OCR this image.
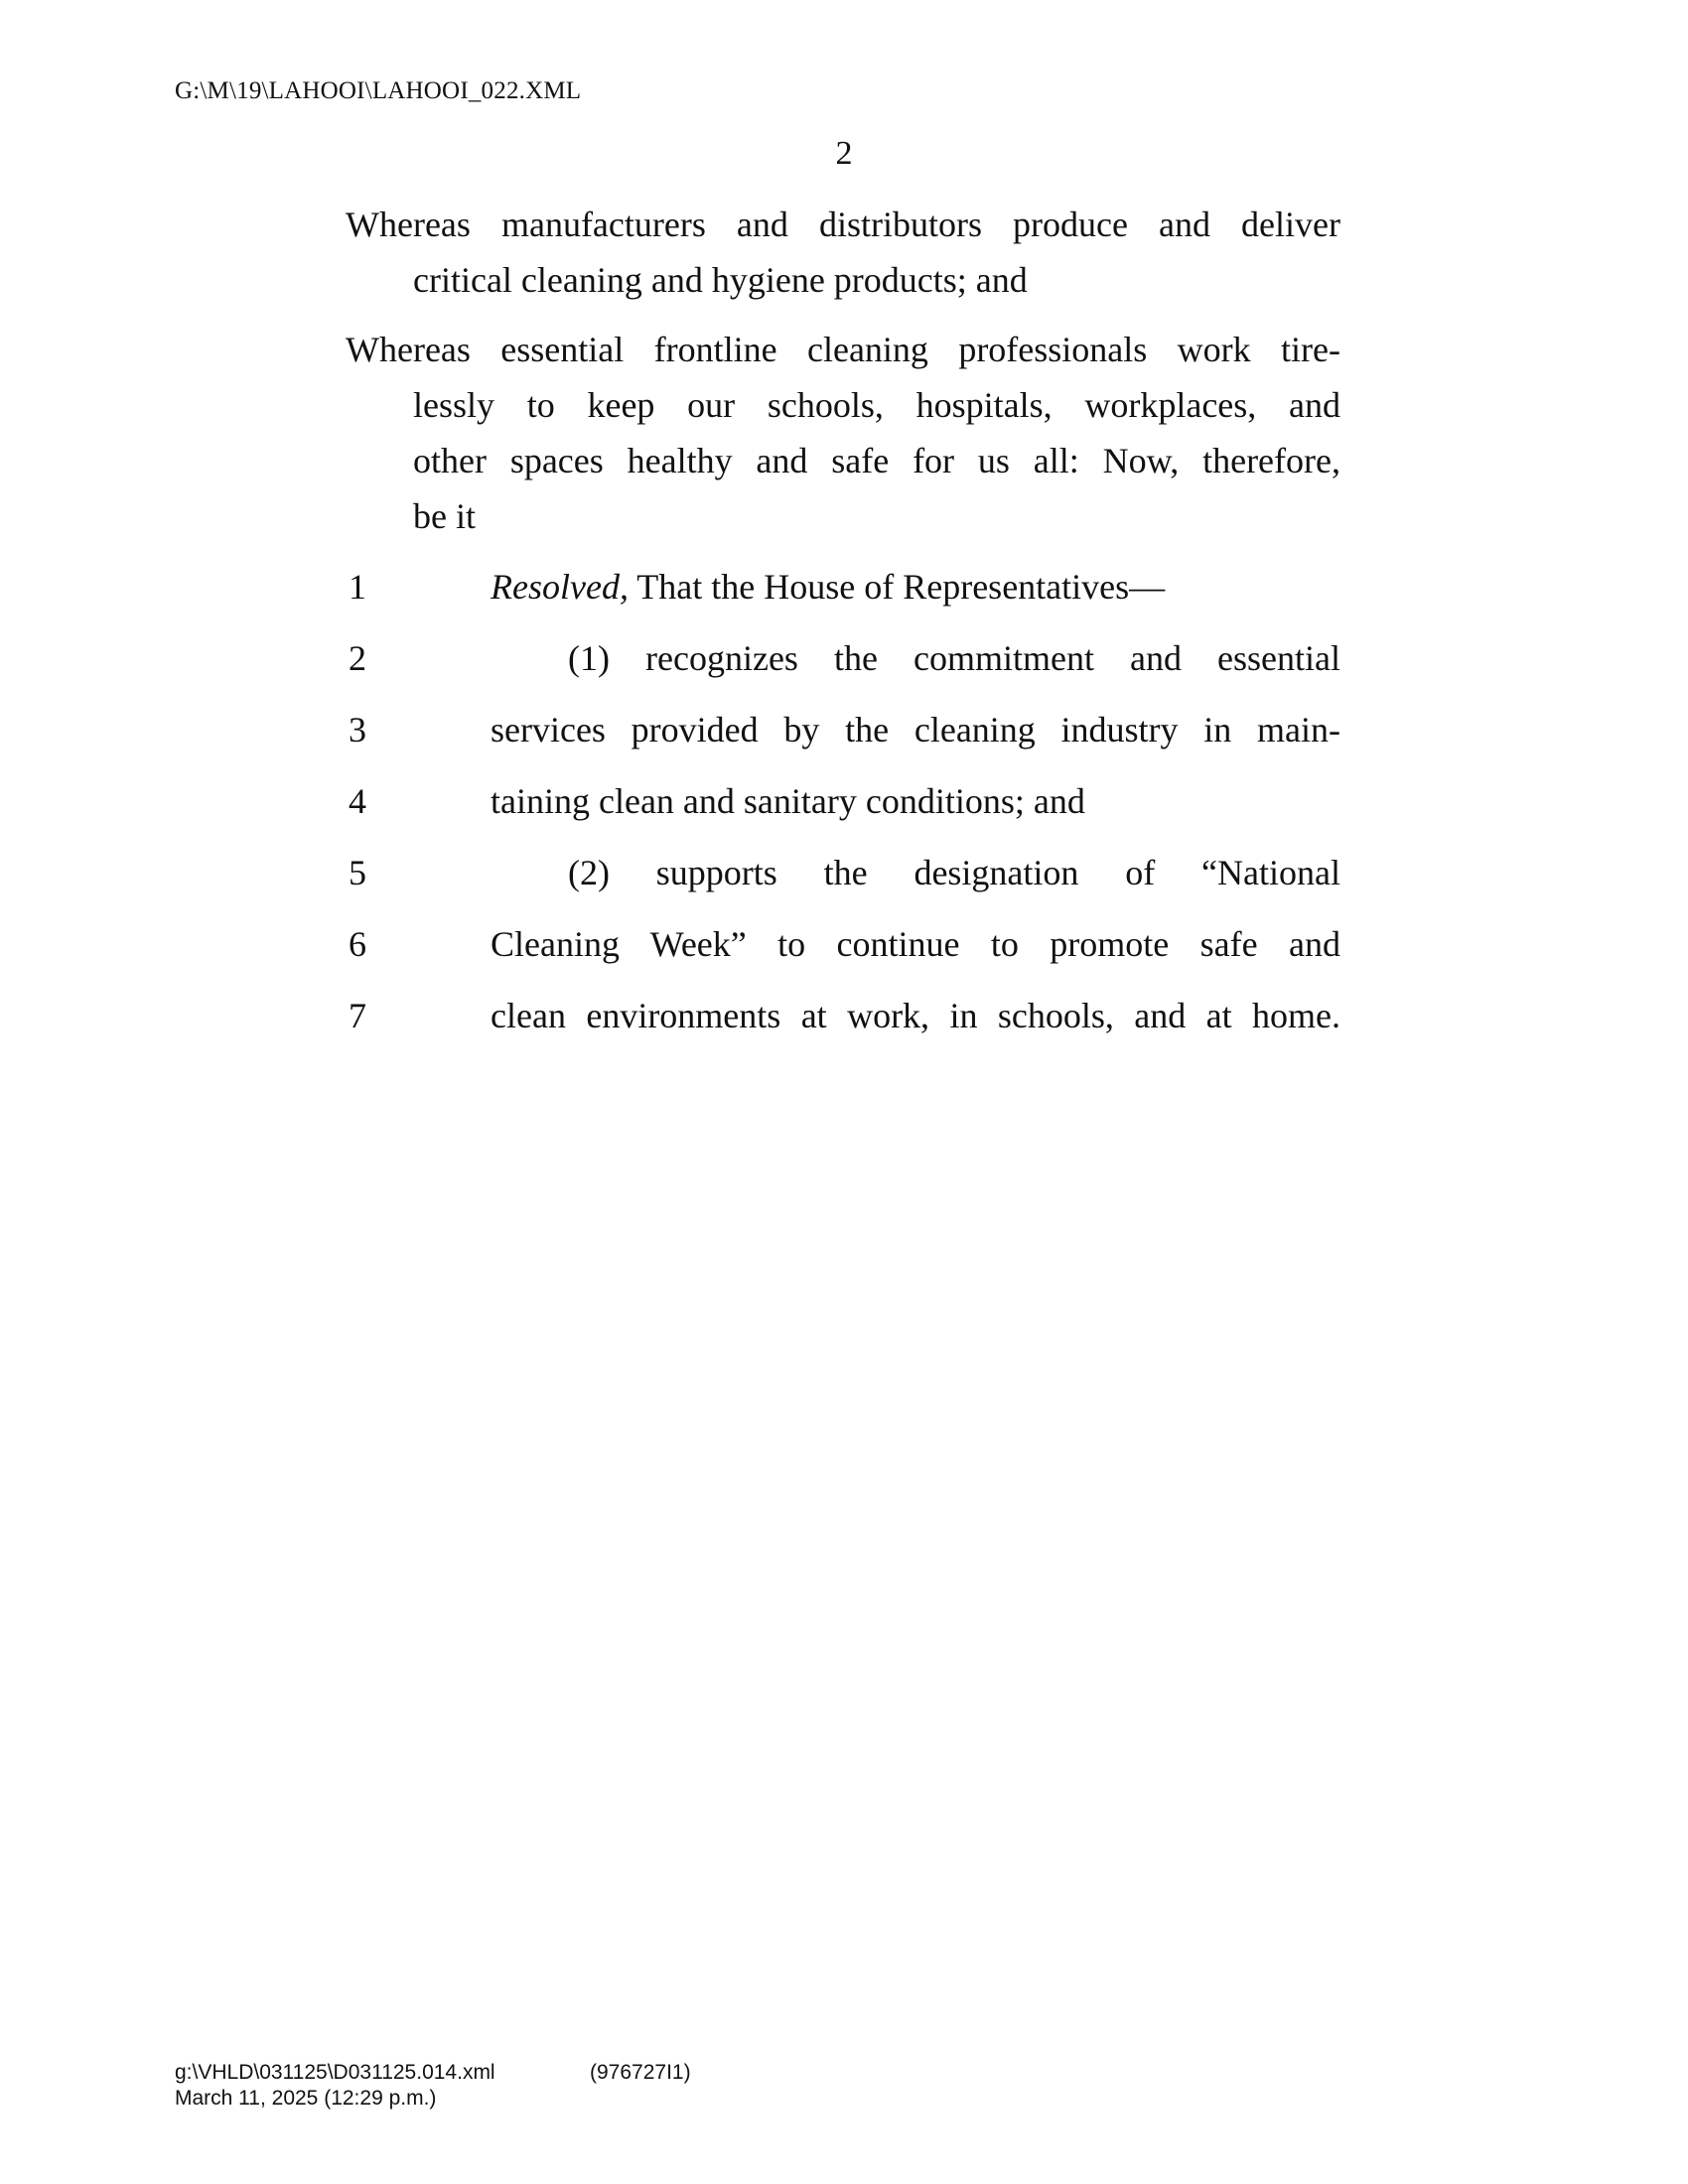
G:\M\19\LAHOOI\LAHOOI_022.XML
2
Whereas manufacturers and distributors produce and deliver
critical cleaning and hygiene products; and
Whereas essential frontline cleaning professionals work tire-
lessly to keep our schools, hospitals, workplaces, and
other spaces healthy and safe for us all: Now, therefore,
be it
1	Resolved, That the House of Representatives—
2	(1) recognizes the commitment and essential
3	services provided by the cleaning industry in main-
4	taining clean and sanitary conditions; and
5	(2) supports the designation of “National
6	Cleaning Week” to continue to promote safe and
7	clean environments at work, in schools, and at home.
g:\VHLD\031125\D031125.014.xml	(976727I1)
March 11, 2025 (12:29 p.m.)
